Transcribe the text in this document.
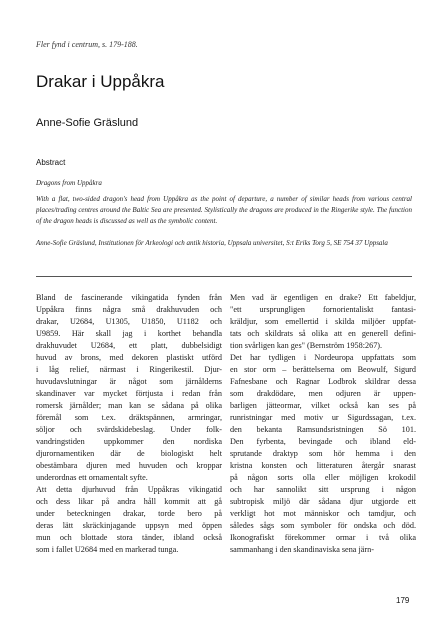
Fler fynd i centrum, s. 179-188.
Drakar i Uppåkra
Anne-Sofie Gräslund
Abstract
Dragons from Uppåkra
With a flat, two-sided dragon's head from Uppåkra as the point of departure, a number of similar heads from various central places/trading centres around the Baltic Sea are presented. Stylistically the dragons are produced in the Ringerike style. The function of the dragon heads is discussed as well as the symbolic content.
Anne-Sofie Gräslund, Institutionen för Arkeologi och antik historia, Uppsala universitet, S:t Eriks Torg 5, SE 754 37 Uppsala
Bland de fascinerande vikingatida fynden från
Uppåkra finns några små drakhuvuden och
drakar, U2684, U1305, U1850, U1182 och
U9859. Här skall jag i korthet behandla
drakhuvudet U2684, ett platt, dubbelsidigt
huvud av brons, med dekoren plastiskt utförd
i låg relief, närmast i Ringerikestil. Djur-
huvudavslutningar är något som järnålderns
skandinaver var mycket förtjusta i redan från
romersk järnålder; man kan se sådana på olika
föremål som t.ex. dräktspännen, armringar,
söljor och svärdskidebeslag. Under folk-
vandringstiden uppkommer den nordiska
djurornamentiken där de biologiskt helt
obestämbara djuren med huvuden och kroppar
underordnas ett ornamentalt syfte.
Att detta djurhuvud från Uppåkras vikingatid
och dess likar på andra håll kommit att gå
under beteckningen drakar, torde bero på
deras lätt skräckinjagande uppsyn med öppen
mun och blottade stora tänder, ibland också
som i fallet U2684 med en markerad tunga.
Men vad är egentligen en drake? Ett fabeldjur,
"ett ursprungligen fornorientaliskt fantasi-
kräldjur, som emellertid i skilda miljöer uppfat-
tats och skildrats så olika att en generell defini-
tion svårligen kan ges" (Bernström 1958:267).
Det har tydligen i Nordeuropa uppfattats som
en stor orm – berättelserna om Beowulf, Sigurd
Fafnesbane och Ragnar Lodbrok skildrar dessa
som drakdödare, men odjuren är uppen-
barligen jätteormar, vilket också kan ses på
runristningar med motiv ur Sigurdssagan, t.ex.
den bekanta Ramsundsristningen Sö 101.
Den fyrbenta, bevingade och ibland eld-
sprutande draktyp som hör hemma i den
kristna konsten och litteraturen återgår snarast
på någon sorts olla eller möjligen krokodil
och har sannolikt sitt ursprung i någon
subtropisk miljö där sådana djur utgjorde ett
verkligt hot mot människor och tamdjur, och
således sågs som symboler för ondska och död.
Ikonografiskt förekommer ormar i två olika
sammanhang i den skandinaviska sena järn-
179
